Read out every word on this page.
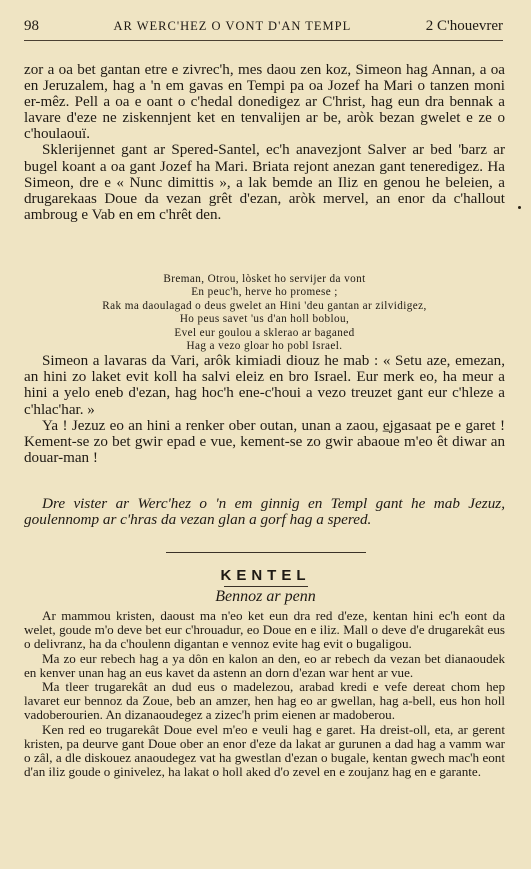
98	AR WERC'HEZ O VONT D'AN TEMPL	2 C'houevrer

zor a oa bet gantan etre e zivrec'h, mes daou zen koz, Simeon hag Annan, a oa en Jeruzalem, hag a 'n em gavas en Tempi pa oa Jozef ha Mari o tanzen moni er-mêz. Pell a oa e oant o c'hedal donedigez ar C'hrist, hag eun dra bennak a lavare d'eze ne ziskennjent ket en tenvalijen ar be, aròk bezan gwelet e ze o c'houlaouï.

Sklerijennet gant ar Spered-Santel, ec'h anavezjont Salver ar bed 'barz ar bugel koant a oa gant Jozef ha Mari. Briata rejont anezan gant teneredigez. Ha Simeon, dre e « Nunc dimittis », a lak bemde an Iliz en genou he beleien, a drugarekaas Doue da vezan grêt d'ezan, aròk mervel, an enor da c'hallout ambroug e Vab en em c'hrêt den.

Breman, Otrou, lòsket ho servijer da vont
En peuc'h, herve ho promese ;
Rak ma daoulagad o deus gwelet an Hini 'deu gantan ar zilvidigez,
Ho peus savet 'us d'an holl boblou,
Evel eur goulou a sklerao ar baganed
Hag a vezo gloar ho pobl Israel.

Simeon a lavaras da Vari, arôk kimiadi diouz he mab : « Setu aze, emezan, an hini zo laket evit koll ha salvi eleiz en bro Israel. Eur merk eo, ha meur a hini a yelo eneb d'ezan, hag hoc'h ene-c'houi a vezo treuzet gant eur c'hleze a c'hlac'har. »

Ya ! Jezuz eo an hini a renker ober outan, unan a zaou, e̲jgasaat pe e garet ! Kement-se zo bet gwir epad e vue, kement-se zo gwir abaoue m'eo êt diwar an douar-man !

Dre vister ar Werc'hez o 'n em ginnig en Templ gant he mab Jezuz, goulennomp ar c'hras da vezan glan a gorf hag a spered.

KENTEL
Bennoz ar penn

Ar mammou kristen, daoust ma n'eo ket eun dra red d'eze, kentan hini ec'h eont da welet, goude m'o deve bet eur c'hrouadur, eo Doue en e iliz. Mall o deve d'e drugarekât eus o delivranz, ha da c'houlenn digantan e vennoz evite hag evit o bugaligou.

Ma zo eur rebech hag a ya dôn en kalon an den, eo ar rebech da vezan bet dianaoudek en kenver unan hag an eus kavet da astenn an dorn d'ezan war hent ar vue.

Ma tleer trugarekât an dud eus o madelezou, arabad kredi e vefe dereat chom hep lavaret eur bennoz da Zoue, beb an amzer, hen hag eo ar gwellan, hag a-bell, eus hon holl vadoberourien. An dizanaoudegez a zizec'h prim eienen ar madoberou.

Ken red eo trugarekât Doue evel m'eo e veuli hag e garet. Ha dreist-oll, eta, ar gerent kristen, pa deurve gant Doue ober an enor d'eze da lakat ar gurunen a dad hag a vamm war o zâl, a dle diskouez anaoudegez vat ha gwestlan d'ezan o bugale, kentan gwech mac'h eont d'an iliz goude o ginivelez, ha lakat o holl aked d'o zevel en e zoujanz hag en e garante.
